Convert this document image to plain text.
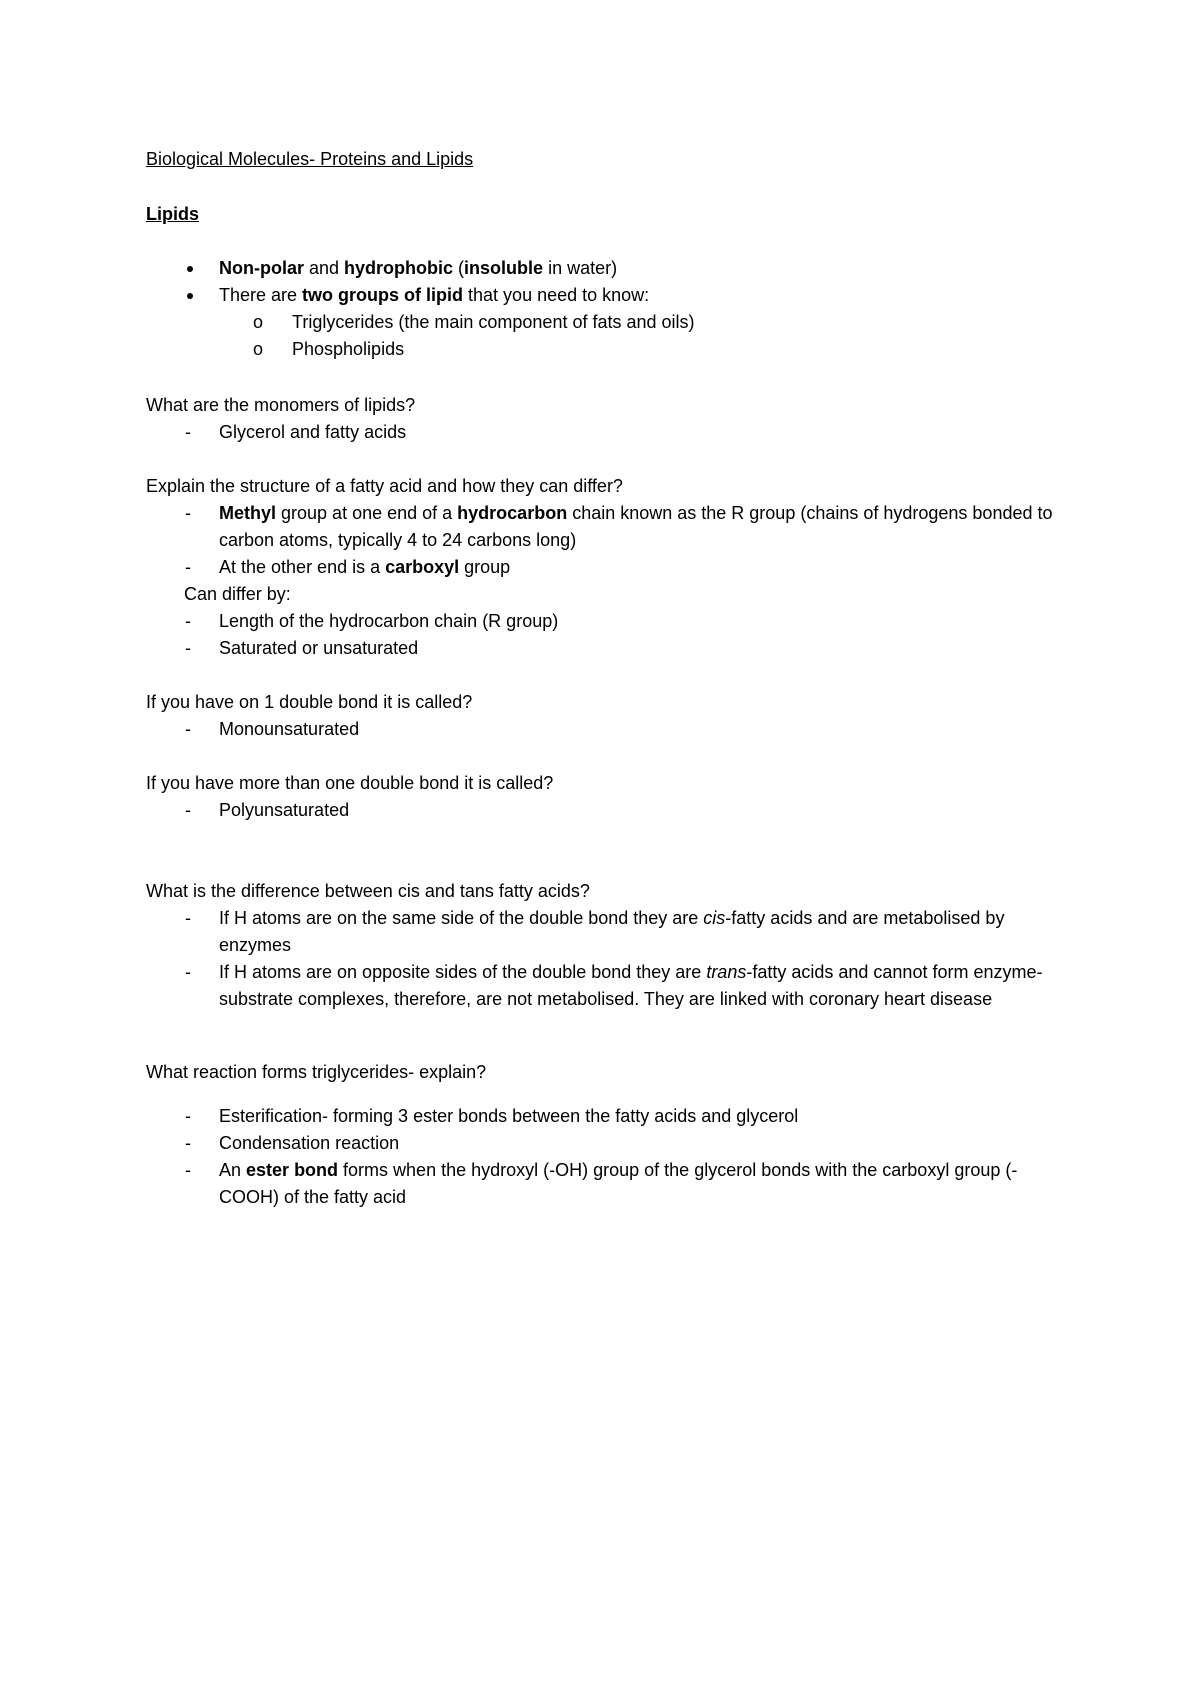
Biological Molecules- Proteins and Lipids

Lipids

Non-polar and hydrophobic (insoluble in water)
There are two groups of lipid that you need to know:
o Triglycerides (the main component of fats and oils)
o Phospholipids

What are the monomers of lipids?

- Glycerol and fatty acids

Explain the structure of a fatty acid and how they can differ?

- Methyl group at one end of a hydrocarbon chain known as the R group (chains of hydrogens bonded to carbon atoms, typically 4 to 24 carbons long)
- At the other end is a carboxyl group

Can differ by:

- Length of the hydrocarbon chain (R group)
- Saturated or unsaturated

If you have on 1 double bond it is called?

- Monounsaturated

If you have more than one double bond it is called?

- Polyunsaturated

What is the difference between cis and tans fatty acids?

- If H atoms are on the same side of the double bond they are cis-fatty acids and are metabolised by enzymes
- If H atoms are on opposite sides of the double bond they are trans-fatty acids and cannot form enzyme-substrate complexes, therefore, are not metabolised. They are linked with coronary heart disease

What reaction forms triglycerides- explain?

- Esterification- forming 3 ester bonds between the fatty acids and glycerol
- Condensation reaction
- An ester bond forms when the hydroxyl (-OH) group of the glycerol bonds with the carboxyl group (-COOH) of the fatty acid
